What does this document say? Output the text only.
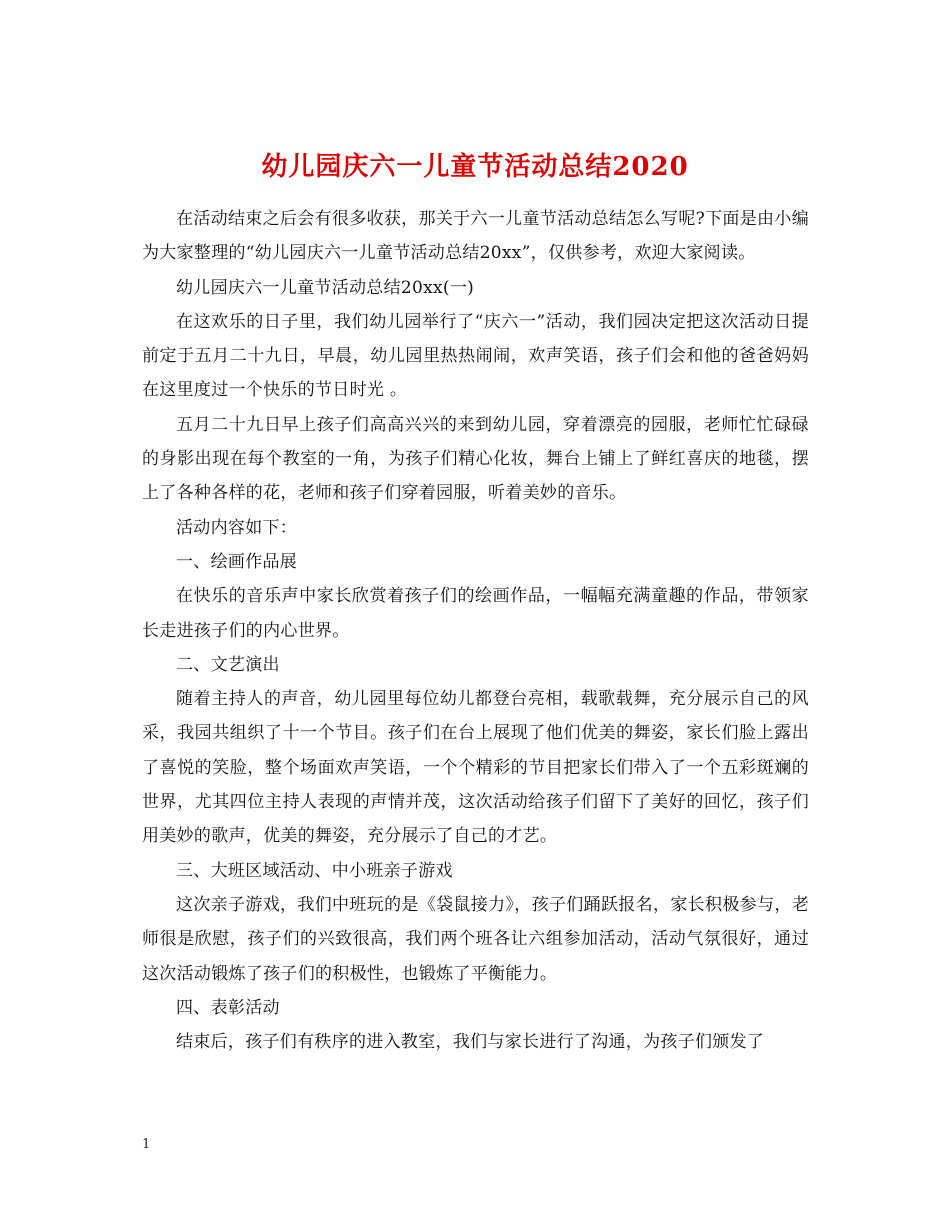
幼儿园庆六一儿童节活动总结2020

在活动结束之后会有很多收获，那关于六一儿童节活动总结怎么写呢?下面是由小编为大家整理的“幼儿园庆六一儿童节活动总结20xx”，仅供参考，欢迎大家阅读。

幼儿园庆六一儿童节活动总结20xx(一)

在这欢乐的日子里，我们幼儿园举行了“庆六一”活动，我们园决定把这次活动日提前定于五月二十九日，早晨，幼儿园里热热闹闹，欢声笑语，孩子们会和他的爸爸妈妈在这里度过一个快乐的节日时光 。

五月二十九日早上孩子们高高兴兴的来到幼儿园，穿着漂亮的园服，老师忙忙碌碌的身影出现在每个教室的一角，为孩子们精心化妆，舞台上铺上了鲜红喜庆的地毯，摆上了各种各样的花，老师和孩子们穿着园服，听着美妙的音乐。

活动内容如下：

一、绘画作品展

在快乐的音乐声中家长欣赏着孩子们的绘画作品，一幅幅充满童趣的作品，带领家长走进孩子们的内心世界。

二、文艺演出

随着主持人的声音，幼儿园里每位幼儿都登台亮相，载歌载舞，充分展示自己的风采，我园共组织了十一个节目。孩子们在台上展现了他们优美的舞姿，家长们脸上露出了喜悦的笑脸，整个场面欢声笑语，一个个精彩的节目把家长们带入了一个五彩斑斓的世界，尤其四位主持人表现的声情并茂，这次活动给孩子们留下了美好的回忆，孩子们用美妙的歌声，优美的舞姿，充分展示了自己的才艺。

三、大班区域活动、中小班亲子游戏

这次亲子游戏，我们中班玩的是《袋鼠接力》，孩子们踊跃报名，家长积极参与，老师很是欣慰，孩子们的兴致很高，我们两个班各让六组参加活动，活动气氛很好，通过这次活动锻炼了孩子们的积极性，也锻炼了平衡能力。

四、表彰活动

结束后，孩子们有秩序的进入教室，我们与家长进行了沟通，为孩子们颁发了

1
